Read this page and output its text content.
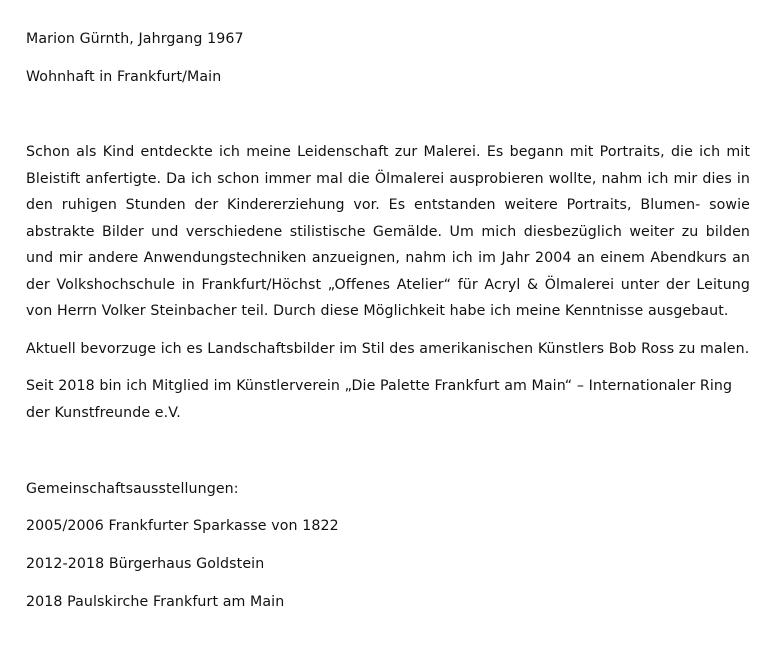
Marion Gürnth, Jahrgang 1967

Wohnhaft in Frankfurt/Main

Schon als Kind entdeckte ich meine Leidenschaft zur Malerei. Es begann mit Portraits, die ich mit Bleistift anfertigte. Da ich schon immer mal die Ölmalerei ausprobieren wollte, nahm ich mir dies in den ruhigen Stunden der Kindererziehung vor. Es entstanden weitere Portraits, Blumen- sowie abstrakte Bilder und verschiedene stilistische Gemälde. Um mich diesbezüglich weiter zu bilden und mir andere Anwendungstechniken anzueignen, nahm ich im Jahr 2004 an einem Abendkurs an der Volkshochschule in Frankfurt/Höchst „Offenes Atelier“ für Acryl & Ölmalerei unter der Leitung von Herrn Volker Steinbacher teil. Durch diese Möglichkeit habe ich meine Kenntnisse ausgebaut.

Aktuell bevorzuge ich es Landschaftsbilder im Stil des amerikanischen Künstlers Bob Ross zu malen.

Seit 2018 bin ich Mitglied im Künstlerverein „Die Palette Frankfurt am Main“ – Internationaler Ring der Kunstfreunde e.V.

Gemeinschaftsausstellungen:

2005/2006 Frankfurter Sparkasse von 1822

2012-2018 Bürgerhaus Goldstein

2018 Paulskirche Frankfurt am Main
